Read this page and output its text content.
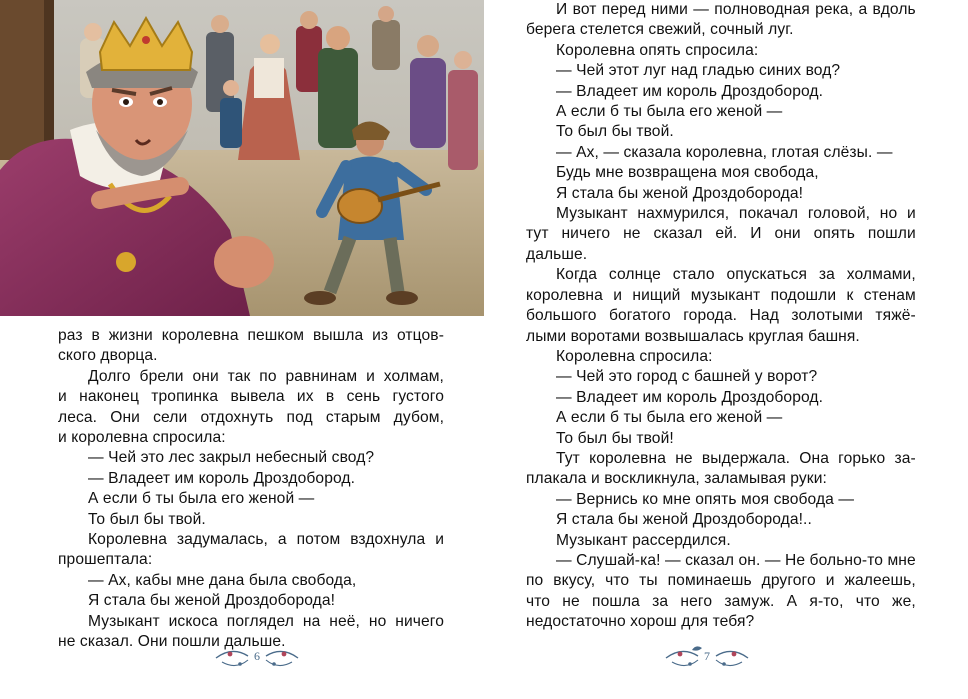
раз в жизни королевна пешком вышла из отцов-
ского дворца.
Долго брели они так по равнинам и холмам,
и наконец тропинка вывела их в сень густого
леса. Они сели отдохнуть под старым дубом,
и королевна спросила:
— Чей это лес закрыл небесный свод?
— Владеет им король Дроздобород.
А если б ты была его женой —
То был бы твой.
Королевна задумалась, а потом вздохнула и
прошептала:
— Ах, кабы мне дана была свобода,
Я стала бы женой Дроздоборода!
Музыкант искоса поглядел на неё, но ничего
не сказал. Они пошли дальше.
6	7
И вот перед ними — полноводная река, а вдоль
берега стелется свежий, сочный луг.
Королевна опять спросила:
— Чей этот луг над гладью синих вод?
— Владеет им король Дроздобород.
А если б ты была его женой —
То был бы твой.
— Ах, — сказала королевна, глотая слёзы. —
Будь мне возвращена моя свобода,
Я стала бы женой Дроздоборода!
Музыкант нахмурился, покачал головой, но и
тут ничего не сказал ей. И они опять пошли
дальше.
Когда солнце стало опускаться за холмами,
королевна и нищий музыкант подошли к стенам
большого богатого города. Над золотыми тяжё-
лыми воротами возвышалась круглая башня.
Королевна спросила:
— Чей это город с башней у ворот?
— Владеет им король Дроздобород.
А если б ты была его женой —
То был бы твой!
Тут королевна не выдержала. Она горько за-
плакала и воскликнула, заламывая руки:
— Вернись ко мне опять моя свобода —
Я стала бы женой Дроздоборода!..
Музыкант рассердился.
— Слушай-ка! — сказал он. — Не больно-то мне
по вкусу, что ты поминаешь другого и жалеешь,
что не пошла за него замуж. А я-то, что же,
недостаточно хорош для тебя?
